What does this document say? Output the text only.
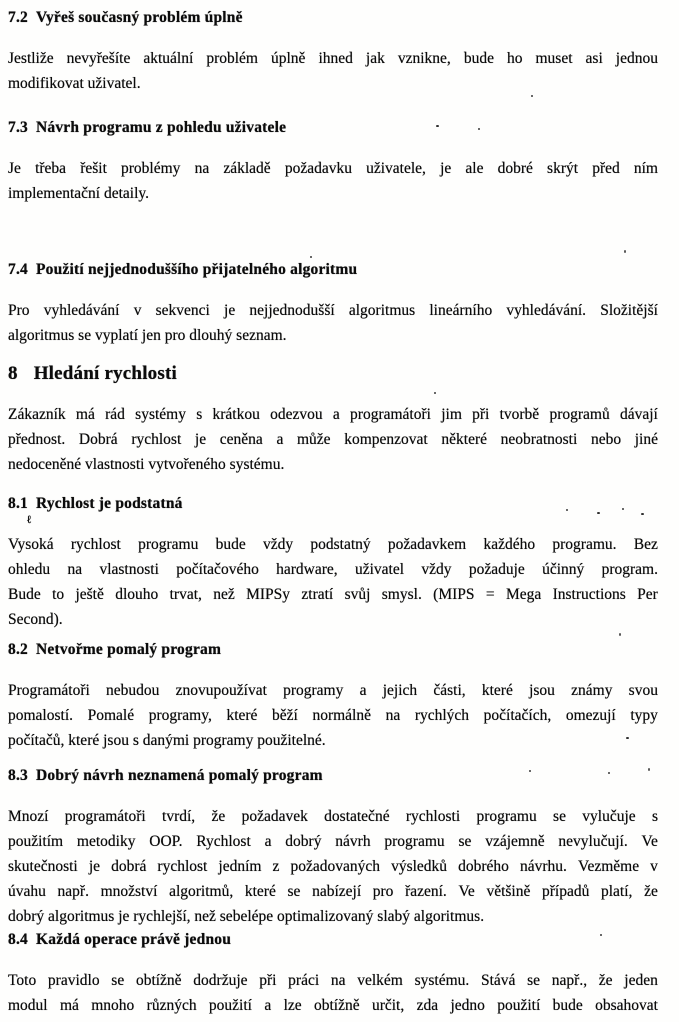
7.2 Vyřeš současný problém úplně
Jestliže nevyřešíte aktuální problém úplně ihned jak vznikne, bude ho muset asi jednou
modifikovat uživatel.
7.3 Návrh programu z pohledu uživatele
Je třeba řešit problémy na základě požadavku uživatele, je ale dobré skrýt před ním
implementační detaily.
7.4 Použití nejjednoduššího přijatelného algoritmu
Pro vyhledávání v sekvenci je nejjednodušší algoritmus lineárního vyhledávání. Složitější
algoritmus se vyplatí jen pro dlouhý seznam.
8 Hledání rychlosti
Zákazník má rád systémy s krátkou odezvou a programátoři jim při tvorbě programů dávají
přednost. Dobrá rychlost je ceněna a může kompenzovat některé neobratnosti nebo jiné
nedoceněné vlastnosti vytvořeného systému.
8.1 Rychlost je podstatná
ℓ
Vysoká rychlost programu bude vždy podstatný požadavkem každého programu. Bez
ohledu na vlastnosti počítačového hardware, uživatel vždy požaduje účinný program.
Bude to ještě dlouho trvat, než MIPSy ztratí svůj smysl. (MIPS = Mega Instructions Per
Second).
8.2 Netvořme pomalý program
Programátoři nebudou znovupoužívat programy a jejich části, které jsou známy svou
pomalostí. Pomalé programy, které běží normálně na rychlých počítačích, omezují typy
počítačů, které jsou s danými programy použitelné.
8.3 Dobrý návrh neznamená pomalý program
Mnozí programátoři tvrdí, že požadavek dostatečné rychlosti programu se vylučuje s
použitím metodiky OOP. Rychlost a dobrý návrh programu se vzájemně nevylučují. Ve
skutečnosti je dobrá rychlost jedním z požadovaných výsledků dobrého návrhu. Vezměme v
úvahu např. množství algoritmů, které se nabízejí pro řazení. Ve většině případů platí, že
dobrý algoritmus je rychlejší, než sebelépe optimalizovaný slabý algoritmus.
8.4 Každá operace právě jednou
Toto pravidlo se obtížně dodržuje při práci na velkém systému. Stává se např., že jeden
modul má mnoho různých použití a lze obtížně určit, zda jedno použití bude obsahovat
